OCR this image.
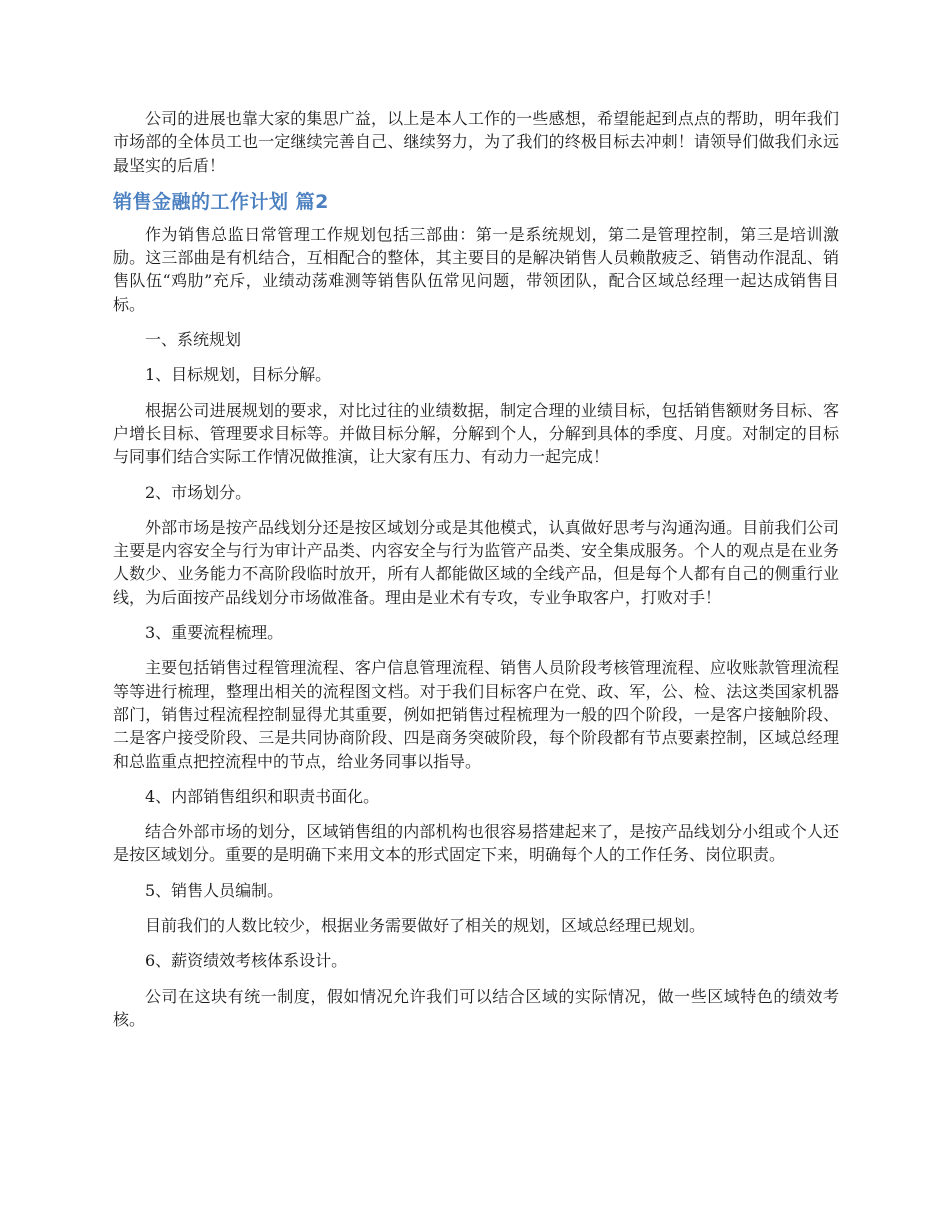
公司的进展也靠大家的集思广益，以上是本人工作的一些感想，希望能起到点点的帮助，明年我们市场部的全体员工也一定继续完善自己、继续努力，为了我们的终极目标去冲刺！请领导们做我们永远最坚实的后盾！

销售金融的工作计划 篇2

作为销售总监日常管理工作规划包括三部曲：第一是系统规划，第二是管理控制，第三是培训激励。这三部曲是有机结合，互相配合的整体，其主要目的是解决销售人员赖散疲乏、销售动作混乱、销售队伍“鸡肋”充斥，业绩动荡难测等销售队伍常见问题，带领团队，配合区域总经理一起达成销售目标。

一、系统规划

1、目标规划，目标分解。

根据公司进展规划的要求，对比过往的业绩数据，制定合理的业绩目标，包括销售额财务目标、客户增长目标、管理要求目标等。并做目标分解，分解到个人，分解到具体的季度、月度。对制定的目标与同事们结合实际工作情况做推演，让大家有压力、有动力一起完成！

2、市场划分。

外部市场是按产品线划分还是按区域划分或是其他模式，认真做好思考与沟通沟通。目前我们公司主要是内容安全与行为审计产品类、内容安全与行为监管产品类、安全集成服务。个人的观点是在业务人数少、业务能力不高阶段临时放开，所有人都能做区域的全线产品，但是每个人都有自己的侧重行业线，为后面按产品线划分市场做准备。理由是业术有专攻，专业争取客户，打败对手！

3、重要流程梳理。

主要包括销售过程管理流程、客户信息管理流程、销售人员阶段考核管理流程、应收账款管理流程等等进行梳理，整理出相关的流程图文档。对于我们目标客户在党、政、军，公、检、法这类国家机器部门，销售过程流程控制显得尤其重要，例如把销售过程梳理为一般的四个阶段，一是客户接触阶段、二是客户接受阶段、三是共同协商阶段、四是商务突破阶段，每个阶段都有节点要素控制，区域总经理和总监重点把控流程中的节点，给业务同事以指导。

4、内部销售组织和职责书面化。

结合外部市场的划分，区域销售组的内部机构也很容易搭建起来了，是按产品线划分小组或个人还是按区域划分。重要的是明确下来用文本的形式固定下来，明确每个人的工作任务、岗位职责。

5、销售人员编制。

目前我们的人数比较少，根据业务需要做好了相关的规划，区域总经理已规划。

6、薪资绩效考核体系设计。

公司在这块有统一制度，假如情况允许我们可以结合区域的实际情况，做一些区域特色的绩效考核。
